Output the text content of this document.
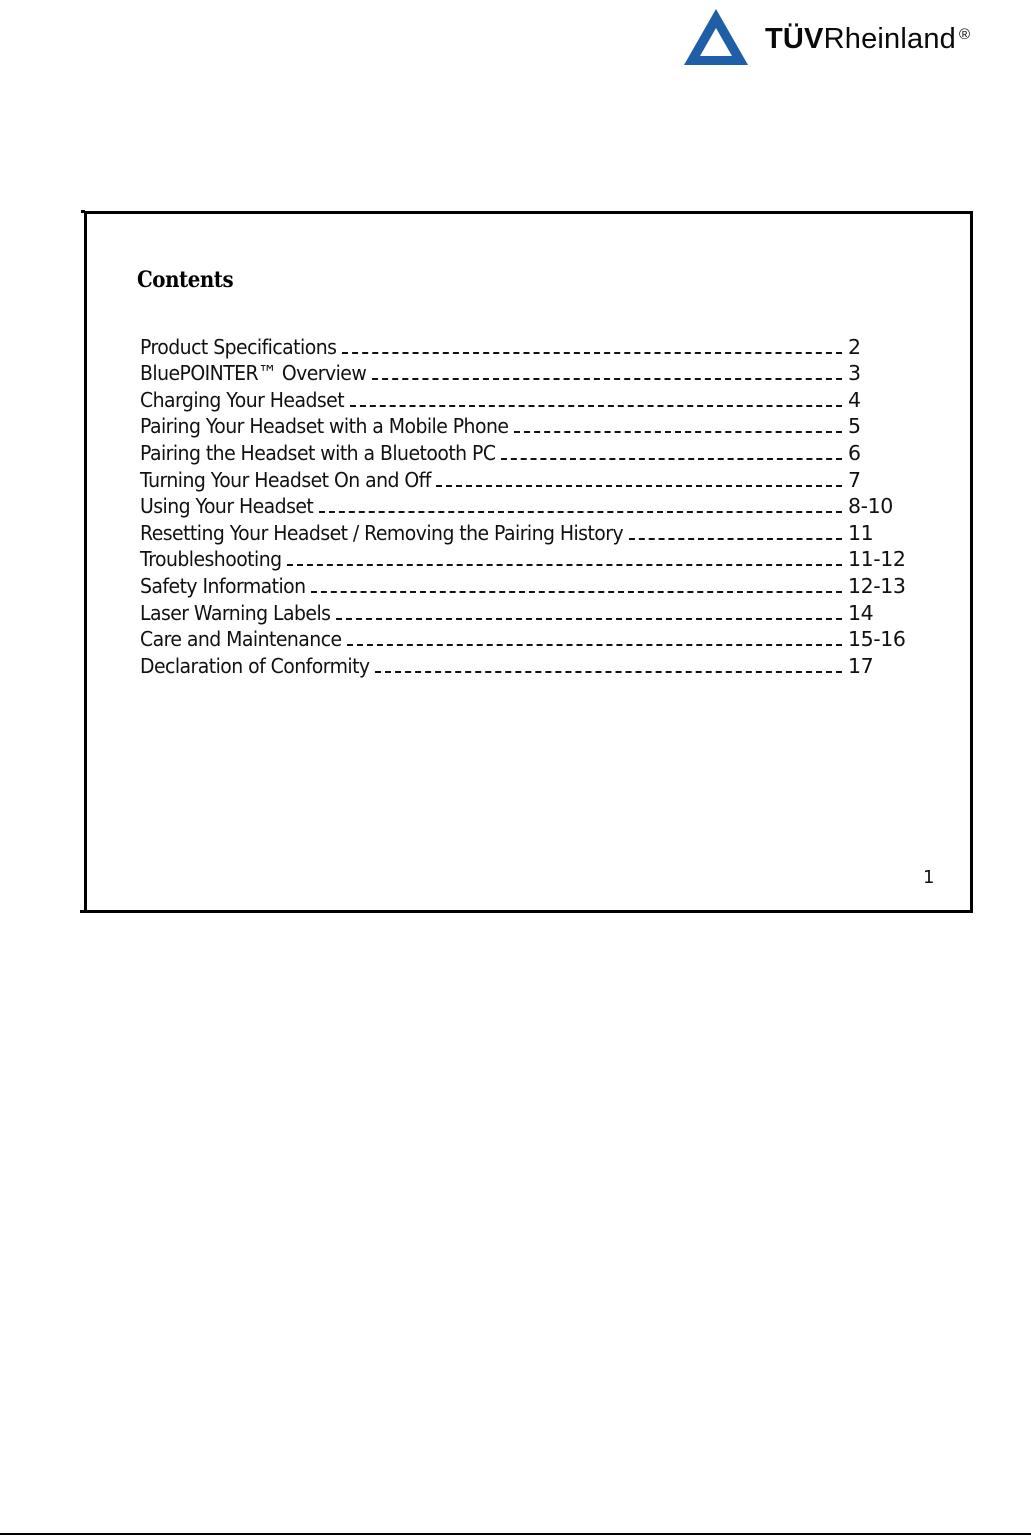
TÜVRheinland ®
Contents
Product Specifications	2
BluePOINTER™ Overview	3
Charging Your Headset	4
Pairing Your Headset with a Mobile Phone	5
Pairing the Headset with a Bluetooth PC	6
Turning Your Headset On and Off	7
Using Your Headset	8-10
Resetting Your Headset / Removing the Pairing History	11
Troubleshooting	11-12
Safety Information	12-13
Laser Warning Labels	14
Care and Maintenance	15-16
Declaration of Conformity	17
1
